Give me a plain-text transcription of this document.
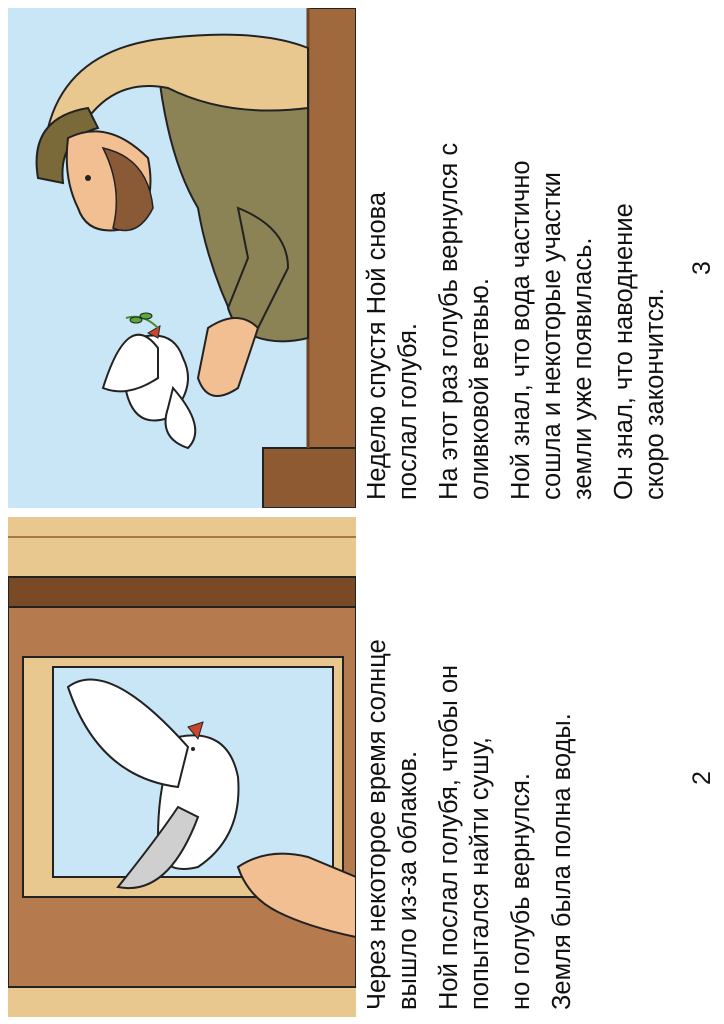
Неделю спустя Ной снова послал голубя. На этот раз голубь вернулся с оливковой ветвью. Ной знал, что вода частично сошла и некоторые участки земли уже появилась. Он знал, что наводнение скоро закончится.

Через некоторое время солнце вышло из-за облаков. Ной послал голубя, чтобы он попытался найти сушу, но голубь вернулся. Земля была полна воды.

3
2
